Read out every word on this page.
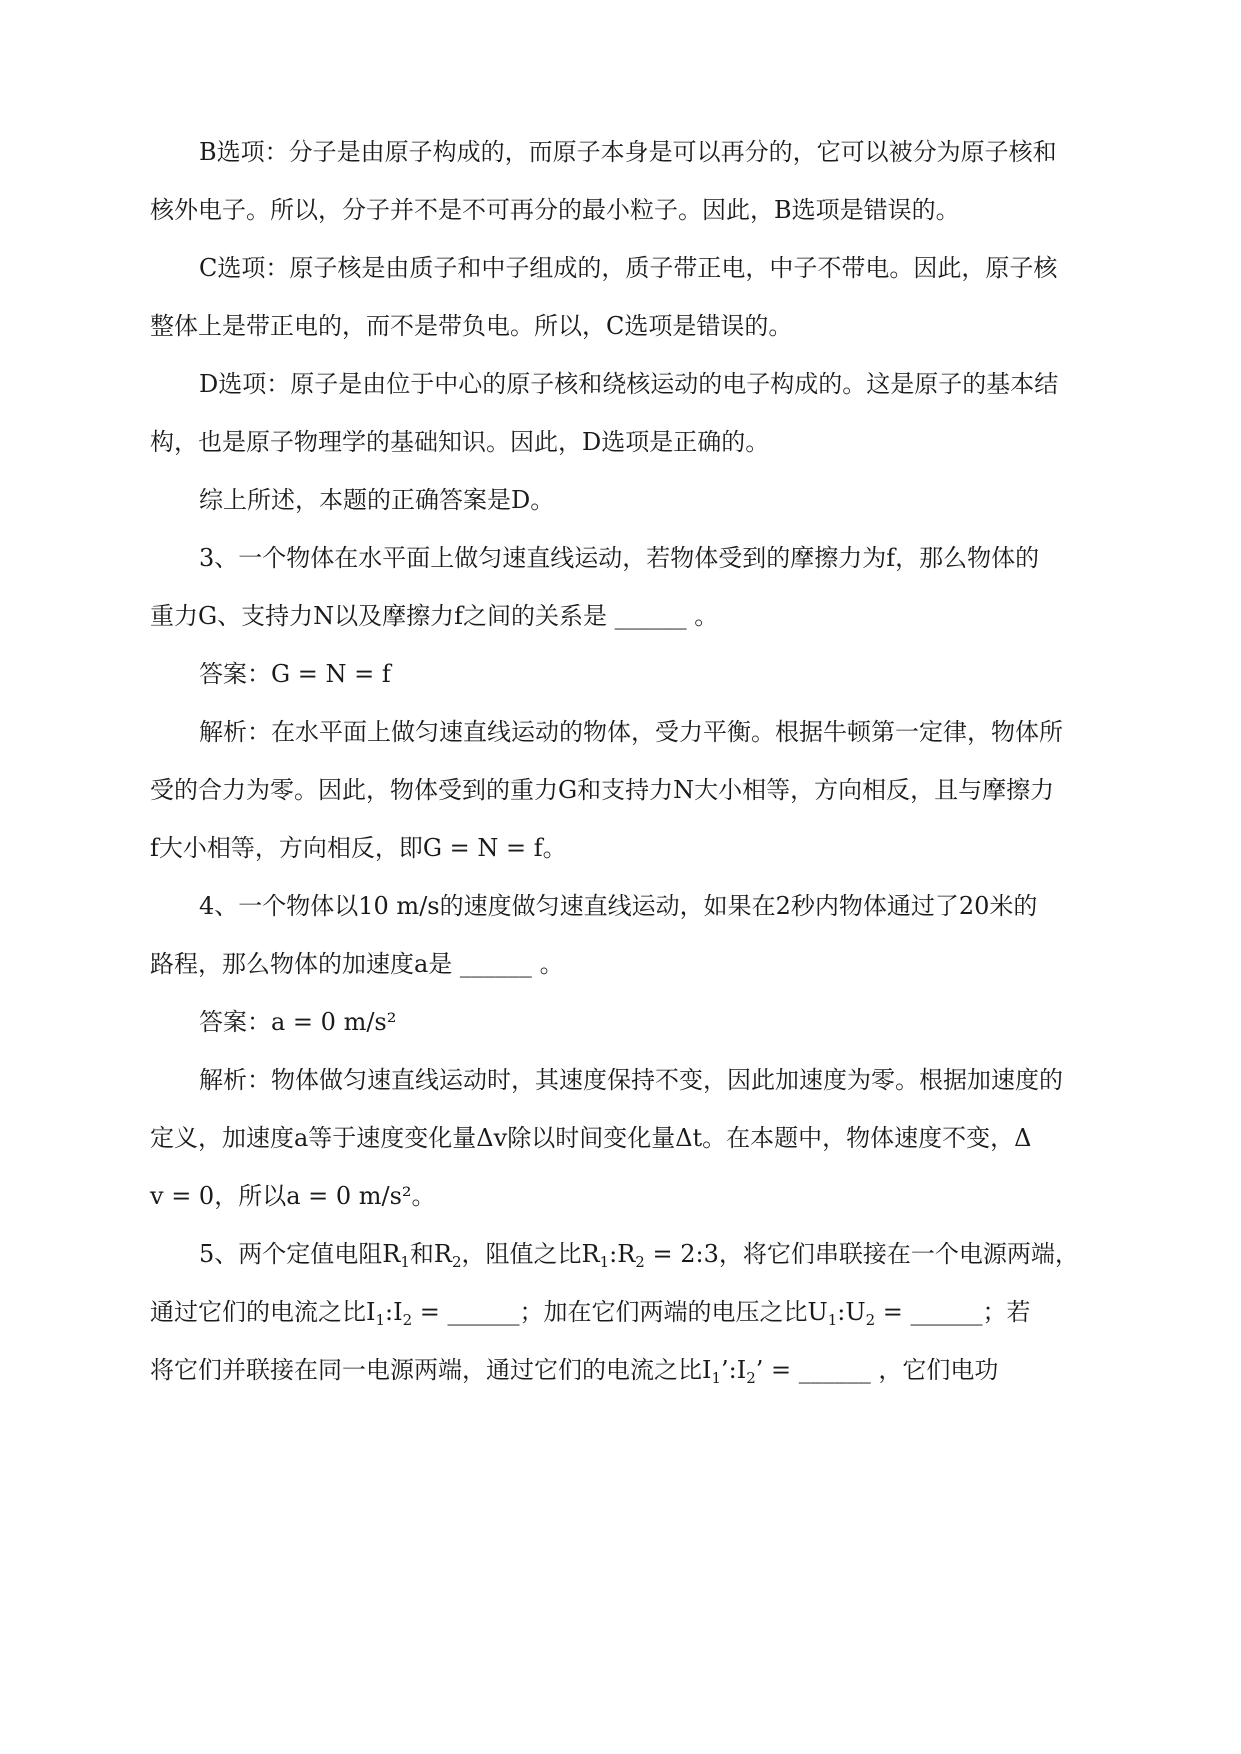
B选项：分子是由原子构成的，而原子本身是可以再分的，它可以被分为原子核和

核外电子。所以，分子并不是不可再分的最小粒子。因此，B选项是错误的。

C选项：原子核是由质子和中子组成的，质子带正电，中子不带电。因此，原子核

整体上是带正电的，而不是带负电。所以，C选项是错误的。

D选项：原子是由位于中心的原子核和绕核运动的电子构成的。这是原子的基本结

构，也是原子物理学的基础知识。因此，D选项是正确的。

综上所述，本题的正确答案是D。

3、一个物体在水平面上做匀速直线运动，若物体受到的摩擦力为f，那么物体的

重力G、支持力N以及摩擦力f之间的关系是 ______ 。

答案：G = N = f

解析：在水平面上做匀速直线运动的物体，受力平衡。根据牛顿第一定律，物体所

受的合力为零。因此，物体受到的重力G和支持力N大小相等，方向相反，且与摩擦力

f大小相等，方向相反，即G = N = f。

4、一个物体以10 m/s的速度做匀速直线运动，如果在2秒内物体通过了20米的

路程，那么物体的加速度a是 ______ 。

答案：a = 0 m/s²

解析：物体做匀速直线运动时，其速度保持不变，因此加速度为零。根据加速度的

定义，加速度a等于速度变化量Δv除以时间变化量Δt。在本题中，物体速度不变，Δ

v = 0，所以a = 0 m/s²。

5、两个定值电阻$R_1$和$R_2$，阻值之比$R_1:R_2$ = 2:3，将它们串联接在一个电源两端，

通过它们的电流之比$I_1:I_2$ = ______；加在它们两端的电压之比$U_1:U_2$ = ______；若

将它们并联接在同一电源两端，通过它们的电流之比$I_1’:I_2$’ = ______ ，它们电功
